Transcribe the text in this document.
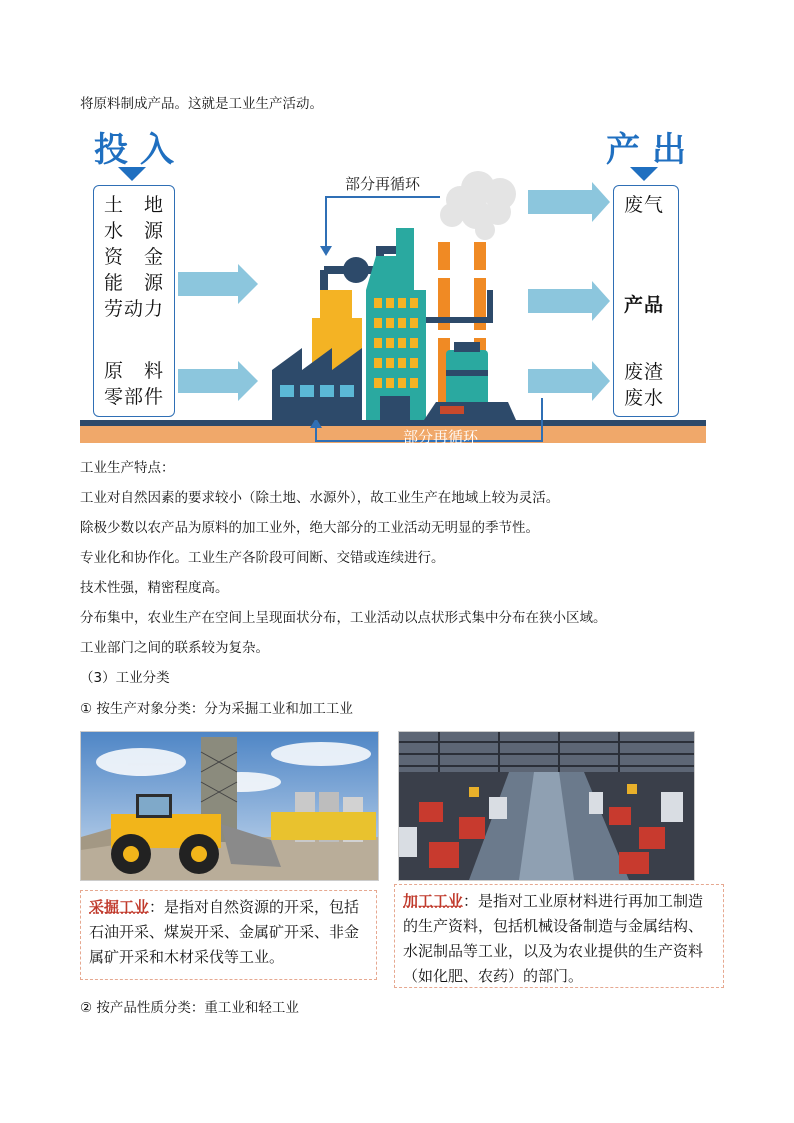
将原料制成产品。这就是工业生产活动。
投入	产出
土　地
水　源
资　金
能　源
劳动力
原　料
零部件
废气
产品
废渣
废水
部分再循环
部分再循环
工业生产特点：
工业对自然因素的要求较小（除土地、水源外），故工业生产在地域上较为灵活。
除极少数以农产品为原料的加工业外，绝大部分的工业活动无明显的季节性。
专业化和协作化。工业生产各阶段可间断、交错或连续进行。
技术性强，精密程度高。
分布集中，农业生产在空间上呈现面状分布，工业活动以点状形式集中分布在狭小区域。
工业部门之间的联系较为复杂。
（3）工业分类
① 按生产对象分类：分为采掘工业和加工工业
采掘工业：是指对自然资源的开采，包括石油开采、煤炭开采、金属矿开采、非金属矿开采和木材采伐等工业。
加工工业：是指对工业原材料进行再加工制造的生产资料，包括机械设备制造与金属结构、水泥制品等工业，以及为农业提供的生产资料（如化肥、农药）的部门。
② 按产品性质分类：重工业和轻工业
